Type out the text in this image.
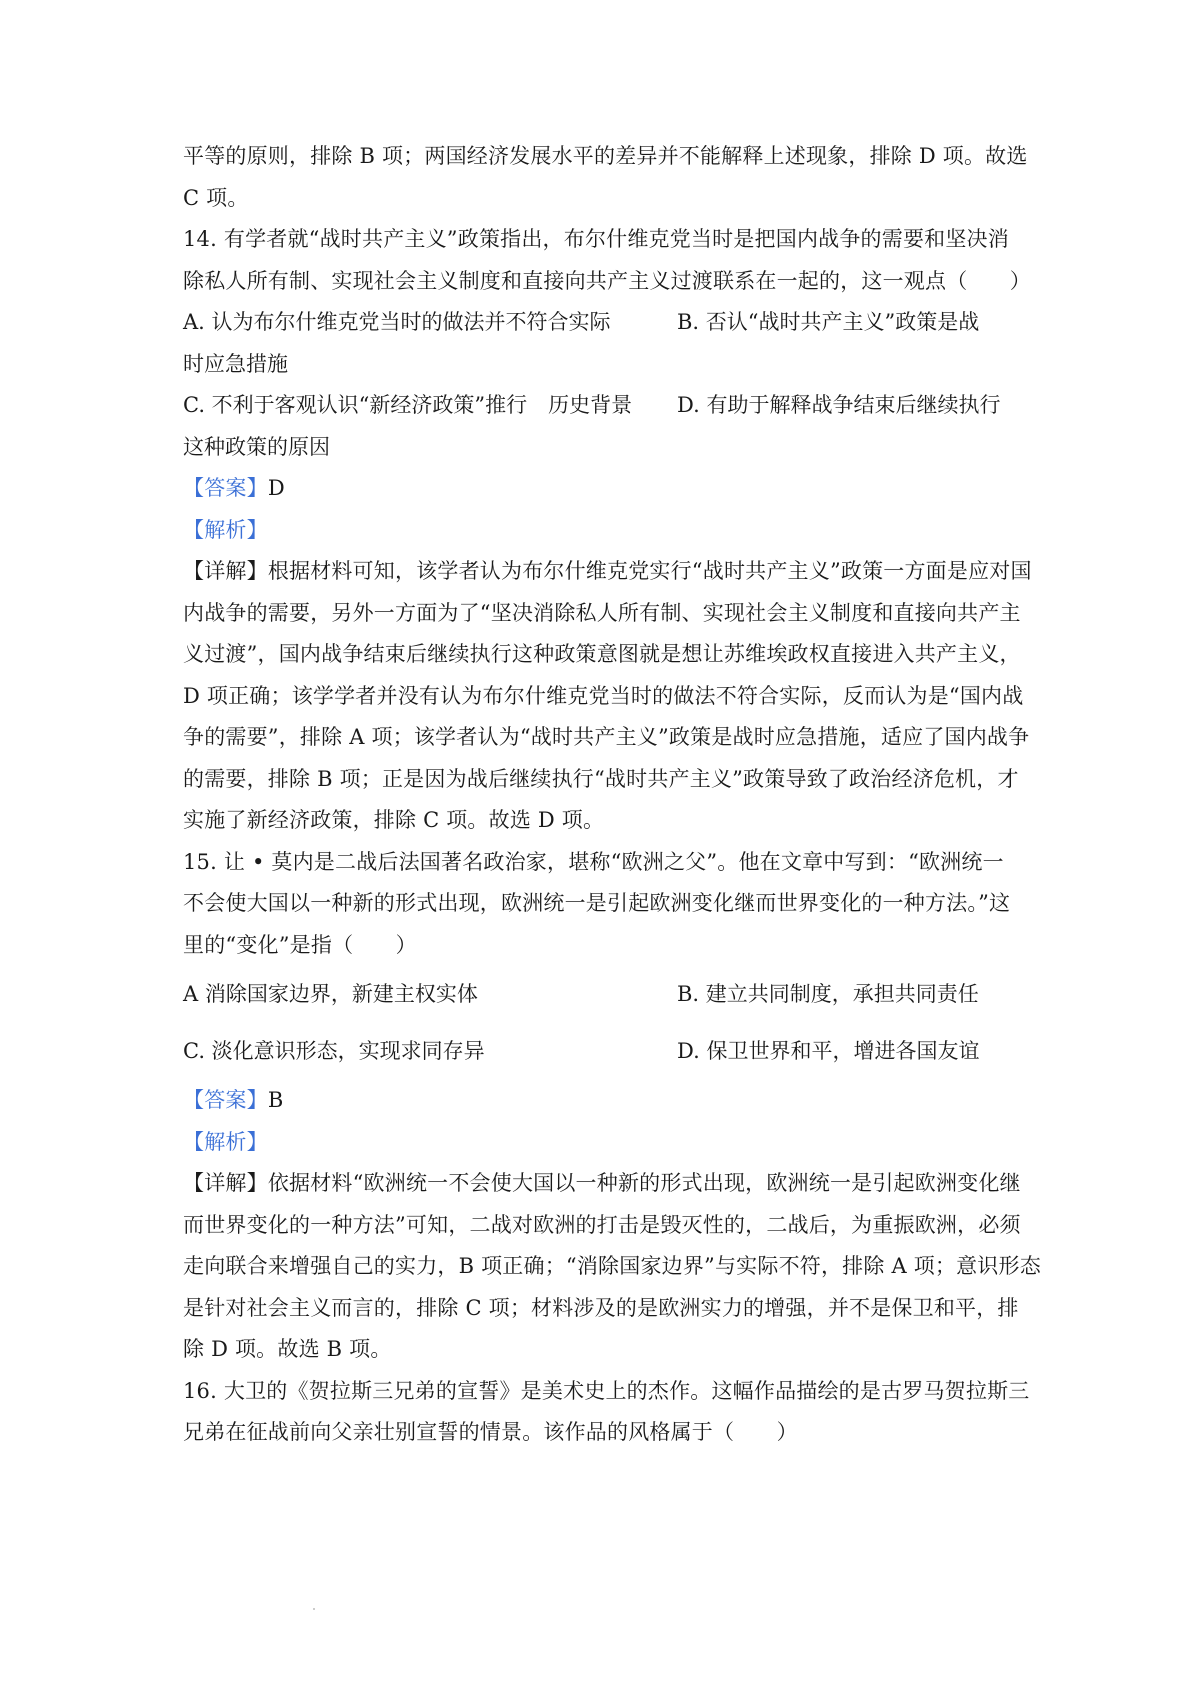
平等的原则，排除 B 项；两国经济发展水平的差异并不能解释上述现象，排除 D 项。故选
C 项。
14. 有学者就“战时共产主义”政策指出，布尔什维克党当时是把国内战争的需要和坚决消
除私人所有制、实现社会主义制度和直接向共产主义过渡联系在一起的，这一观点（　　）
A. 认为布尔什维克党当时的做法并不符合实际	B. 否认“战时共产主义”政策是战
时应急措施
C. 不利于客观认识“新经济政策”推行　历史背景 D. 有助于解释战争结束后继续执行
这种政策的原因
【答案】D
【解析】
【详解】根据材料可知，该学者认为布尔什维克党实行“战时共产主义”政策一方面是应对国
内战争的需要，另外一方面为了“坚决消除私人所有制、实现社会主义制度和直接向共产主
义过渡”，国内战争结束后继续执行这种政策意图就是想让苏维埃政权直接进入共产主义，
D 项正确；该学学者并没有认为布尔什维克党当时的做法不符合实际，反而认为是“国内战
争的需要”，排除 A 项；该学者认为“战时共产主义”政策是战时应急措施，适应了国内战争
的需要，排除 B 项；正是因为战后继续执行“战时共产主义”政策导致了政治经济危机，才
实施了新经济政策，排除 C 项。故选 D 项。
15. 让 • 莫内是二战后法国著名政治家，堪称“欧洲之父”。他在文章中写到：“欧洲统一
不会使大国以一种新的形式出现，欧洲统一是引起欧洲变化继而世界变化的一种方法。”这
里的“变化”是指（　　）
A 消除国家边界，新建主权实体	B. 建立共同制度，承担共同责任
C. 淡化意识形态，实现求同存异	D. 保卫世界和平，增进各国友谊
【答案】B
【解析】
【详解】依据材料“欧洲统一不会使大国以一种新的形式出现，欧洲统一是引起欧洲变化继
而世界变化的一种方法”可知，二战对欧洲的打击是毁灭性的，二战后，为重振欧洲，必须
走向联合来增强自己的实力，B 项正确；“消除国家边界”与实际不符，排除 A 项；意识形态
是针对社会主义而言的，排除 C 项；材料涉及的是欧洲实力的增强，并不是保卫和平，排
除 D 项。故选 B 项。
16. 大卫的《贺拉斯三兄弟的宣誓》是美术史上的杰作。这幅作品描绘的是古罗马贺拉斯三
兄弟在征战前向父亲壮别宣誓的情景。该作品的风格属于（　　）
